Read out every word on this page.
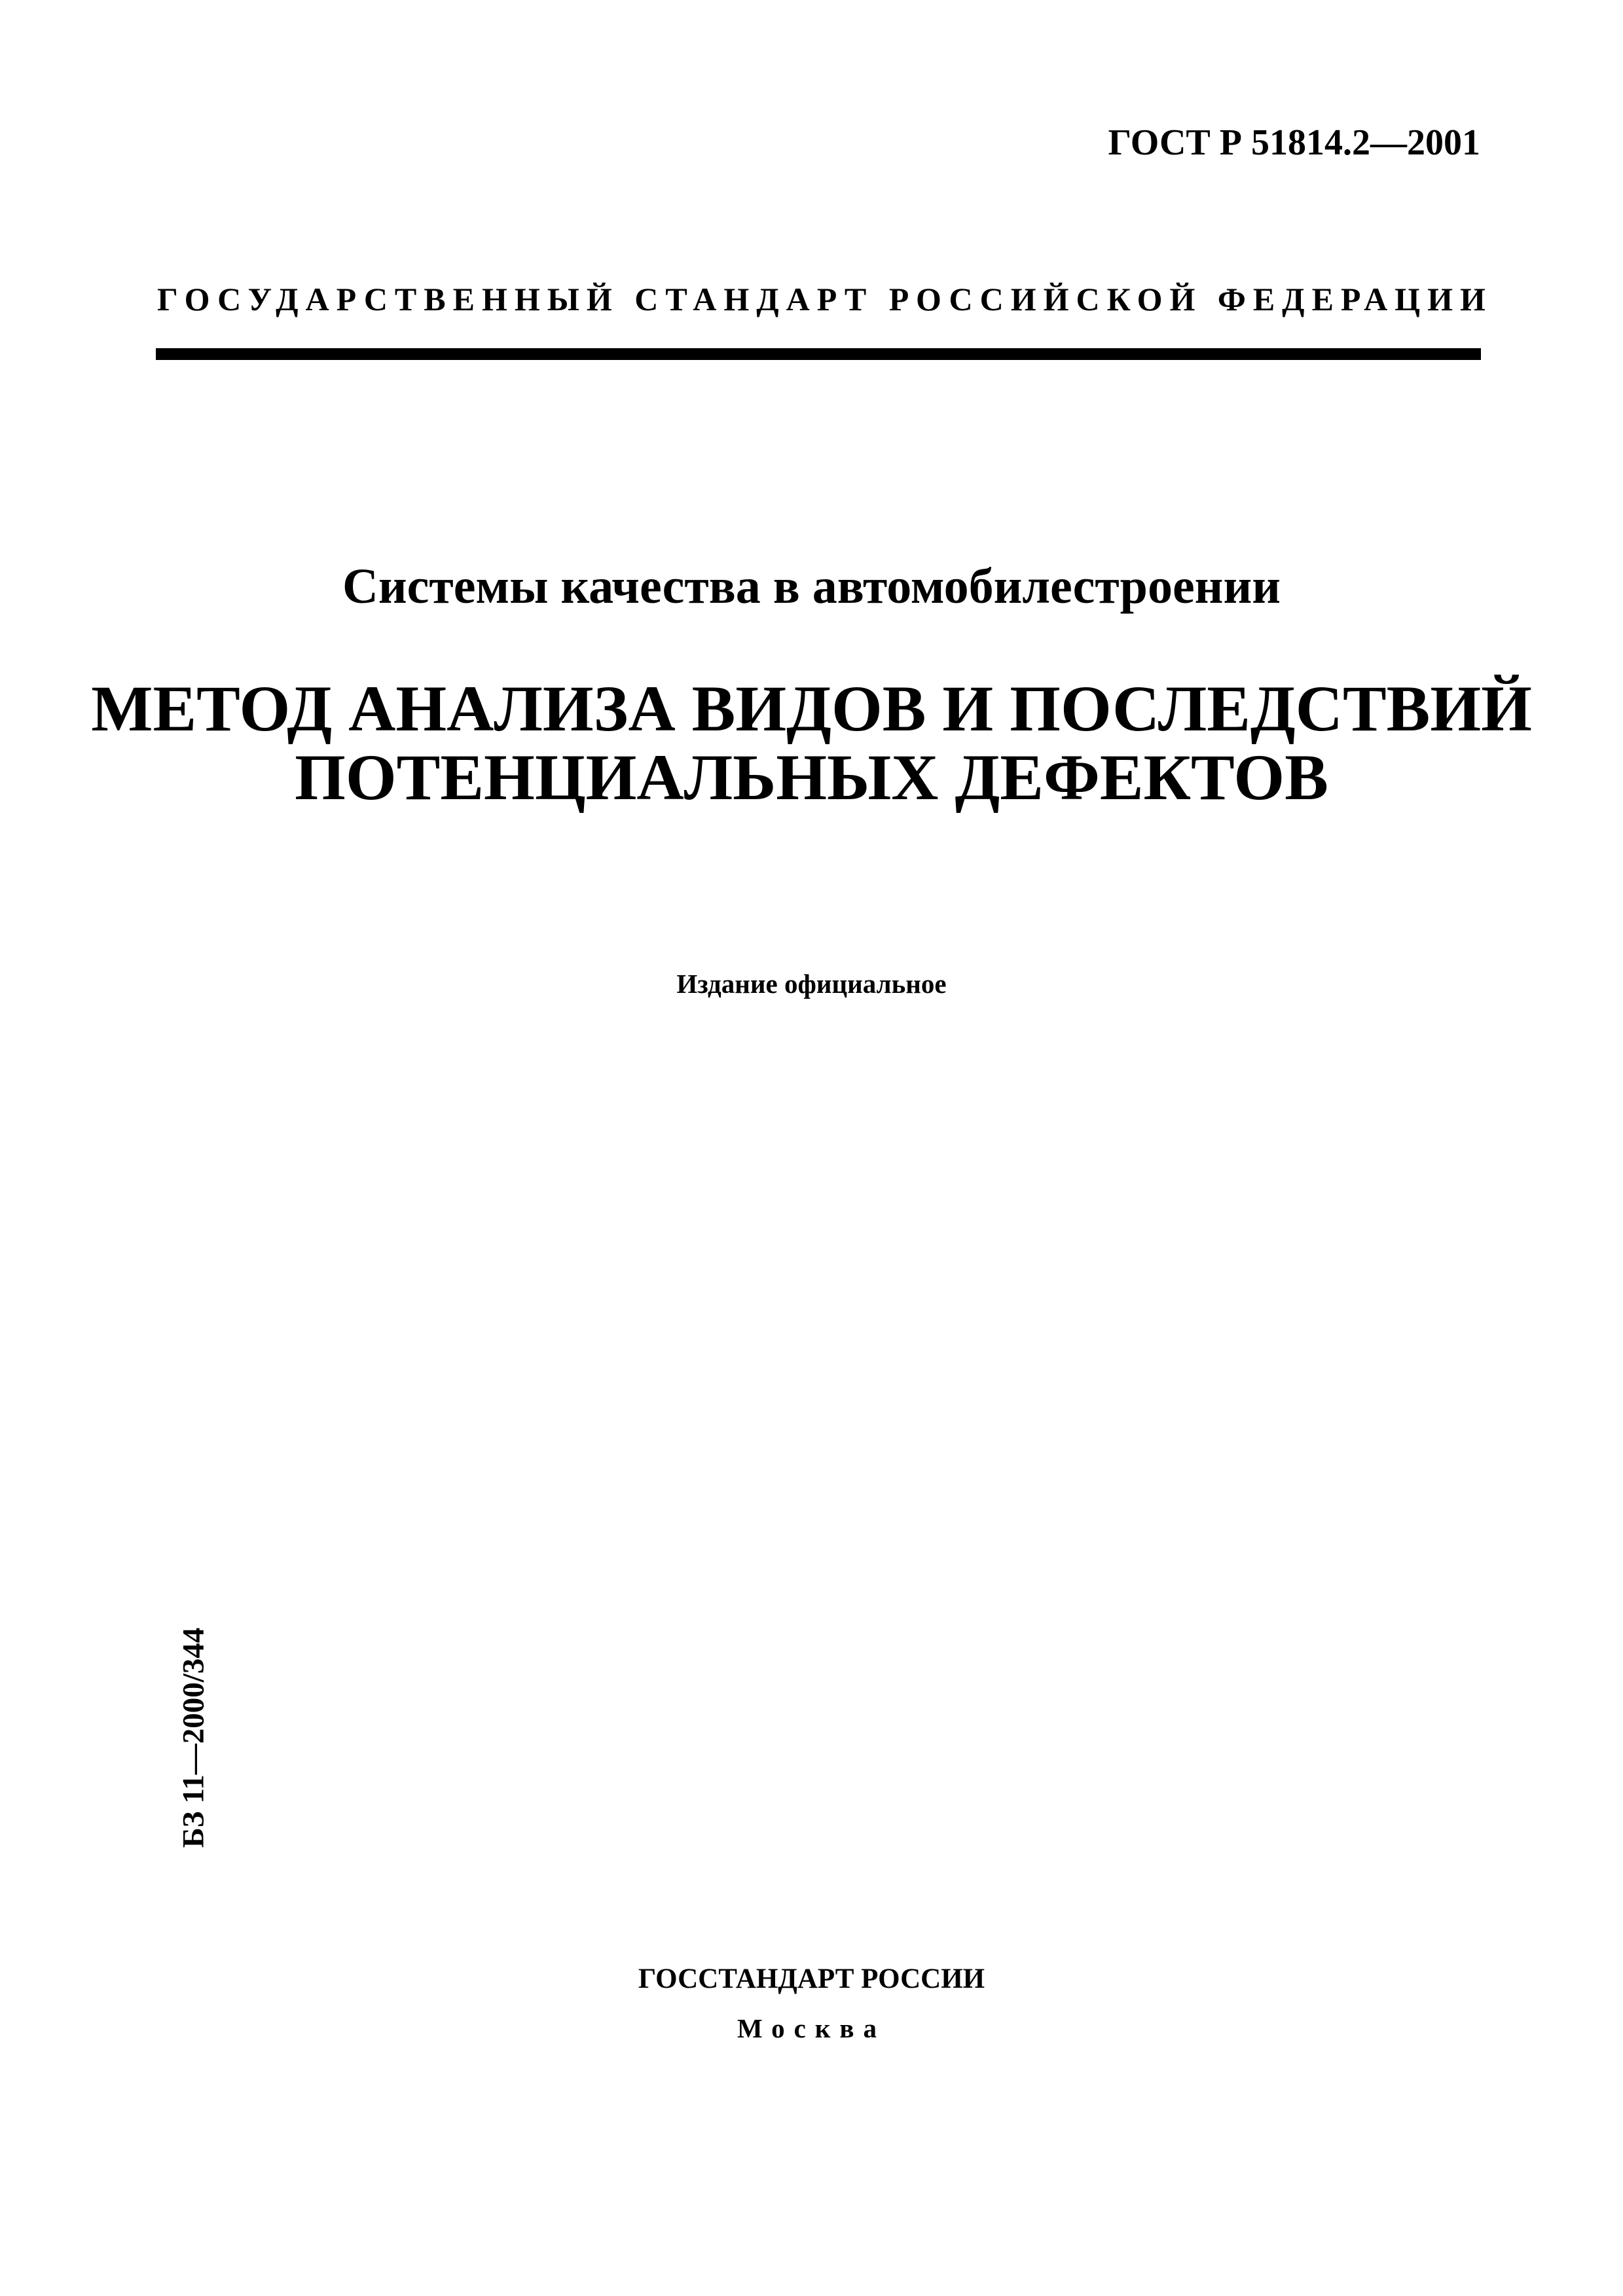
ГОСТ Р 51814.2—2001
ГОСУДАРСТВЕННЫЙ СТАНДАРТ РОССИЙСКОЙ ФЕДЕРАЦИИ
Системы качества в автомобилестроении
МЕТОД АНАЛИЗА ВИДОВ И ПОСЛЕДСТВИЙ
ПОТЕНЦИАЛЬНЫХ ДЕФЕКТОВ
Издание официальное
БЗ 11—2000/344
ГОССТАНДАРТ РОССИИ
Москва
